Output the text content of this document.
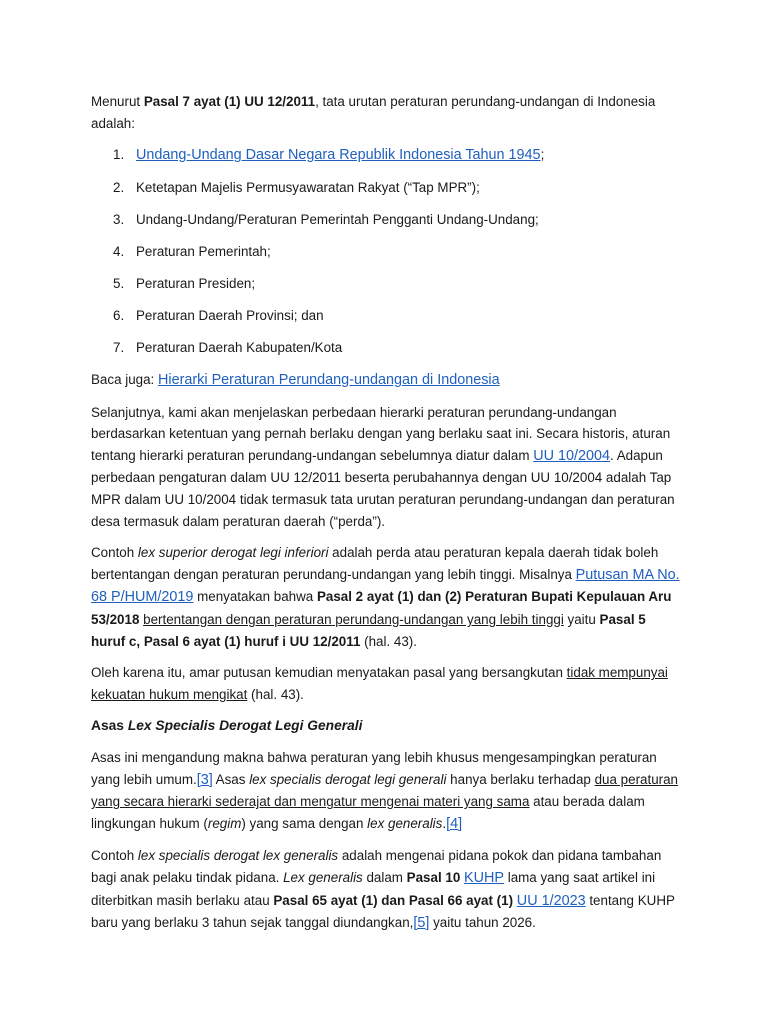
Menurut Pasal 7 ayat (1) UU 12/2011, tata urutan peraturan perundang-undangan di Indonesia adalah:

1. Undang-Undang Dasar Negara Republik Indonesia Tahun 1945;
2. Ketetapan Majelis Permusyawaratan Rakyat (“Tap MPR”);
3. Undang-Undang/Peraturan Pemerintah Pengganti Undang-Undang;
4. Peraturan Pemerintah;
5. Peraturan Presiden;
6. Peraturan Daerah Provinsi; dan
7. Peraturan Daerah Kabupaten/Kota

Baca juga: Hierarki Peraturan Perundang-undangan di Indonesia

Selanjutnya, kami akan menjelaskan perbedaan hierarki peraturan perundang-undangan berdasarkan ketentuan yang pernah berlaku dengan yang berlaku saat ini. Secara historis, aturan tentang hierarki peraturan perundang-undangan sebelumnya diatur dalam UU 10/2004. Adapun perbedaan pengaturan dalam UU 12/2011 beserta perubahannya dengan UU 10/2004 adalah Tap MPR dalam UU 10/2004 tidak termasuk tata urutan peraturan perundang-undangan dan peraturan desa termasuk dalam peraturan daerah (“perda”).

Contoh lex superior derogat legi inferiori adalah perda atau peraturan kepala daerah tidak boleh bertentangan dengan peraturan perundang-undangan yang lebih tinggi. Misalnya Putusan MA No. 68 P/HUM/2019 menyatakan bahwa Pasal 2 ayat (1) dan (2) Peraturan Bupati Kepulauan Aru 53/2018 bertentangan dengan peraturan perundang-undangan yang lebih tinggi yaitu Pasal 5 huruf c, Pasal 6 ayat (1) huruf i UU 12/2011 (hal. 43).

Oleh karena itu, amar putusan kemudian menyatakan pasal yang bersangkutan tidak mempunyai kekuatan hukum mengikat (hal. 43).

Asas Lex Specialis Derogat Legi Generali

Asas ini mengandung makna bahwa peraturan yang lebih khusus mengesampingkan peraturan yang lebih umum.[3] Asas lex specialis derogat legi generali hanya berlaku terhadap dua peraturan yang secara hierarki sederajat dan mengatur mengenai materi yang sama atau berada dalam lingkungan hukum (regim) yang sama dengan lex generalis.[4]

Contoh lex specialis derogat lex generalis adalah mengenai pidana pokok dan pidana tambahan bagi anak pelaku tindak pidana. Lex generalis dalam Pasal 10 KUHP lama yang saat artikel ini diterbitkan masih berlaku atau Pasal 65 ayat (1) dan Pasal 66 ayat (1) UU 1/2023 tentang KUHP baru yang berlaku 3 tahun sejak tanggal diundangkan,[5] yaitu tahun 2026.
